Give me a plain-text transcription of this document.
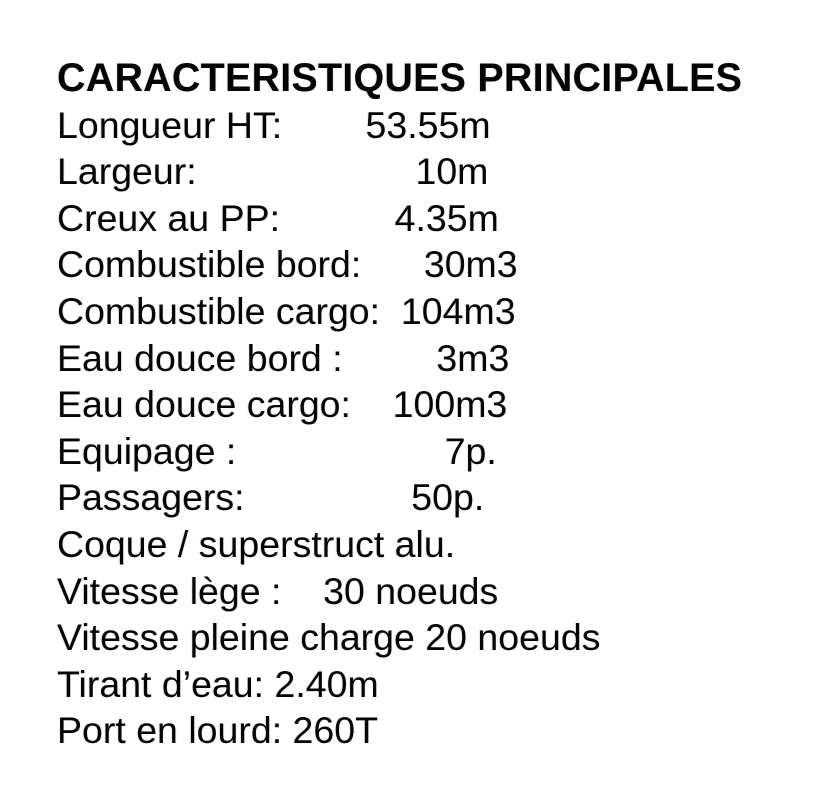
CARACTERISTIQUES PRINCIPALES
Longueur HT:        53.55m
Largeur:                     10m
Creux au PP:           4.35m
Combustible bord:      30m3
Combustible cargo:  104m3
Eau douce bord :         3m3
Eau douce cargo:    100m3
Equipage :                    7p.
Passagers:                50p.
Coque / superstruct alu.
Vitesse lège :    30 noeuds
Vitesse pleine charge 20 noeuds
Tirant d’eau: 2.40m
Port en lourd: 260T
